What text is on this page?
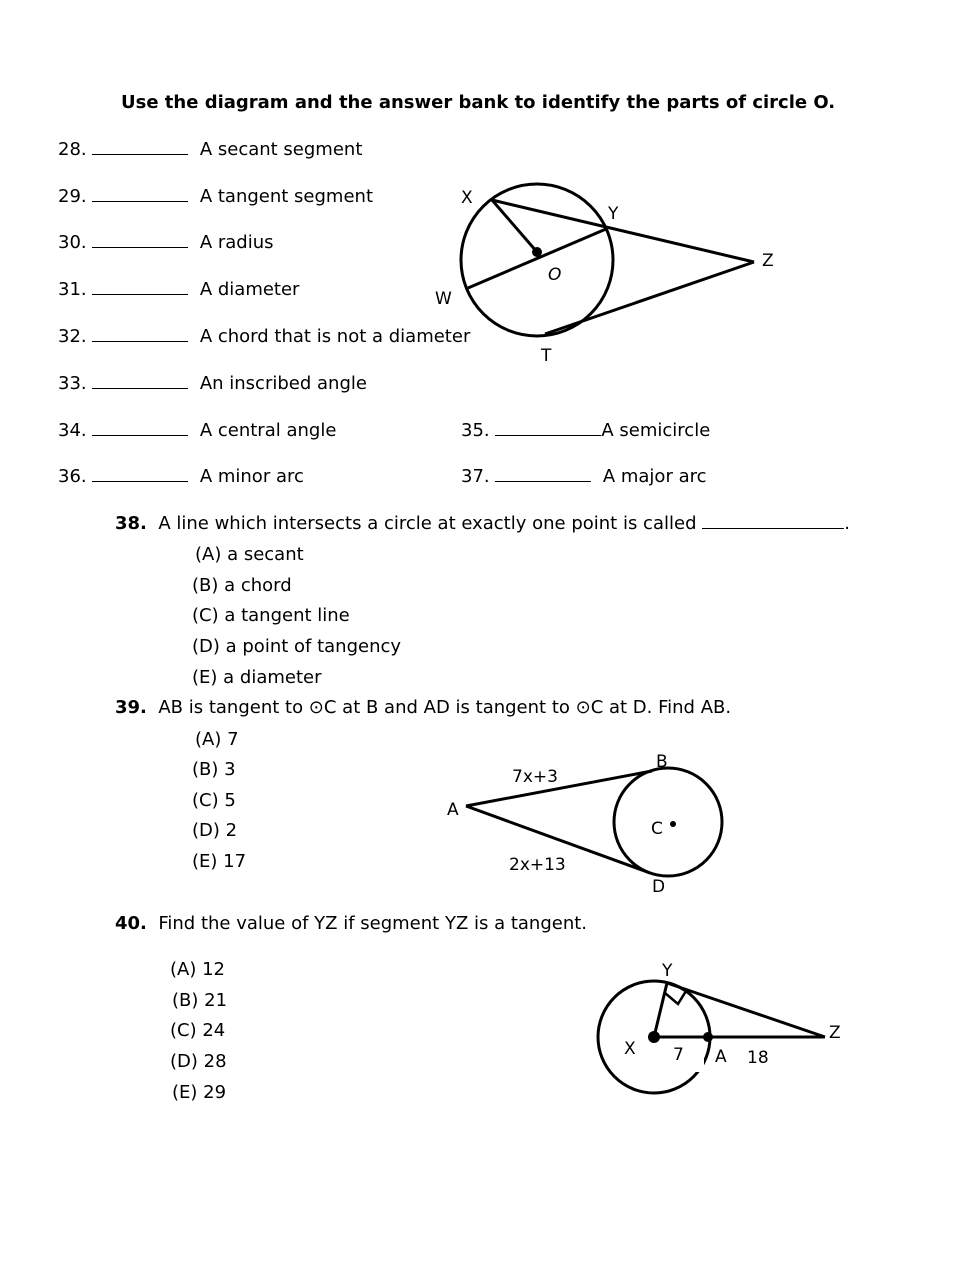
Use the diagram and the answer bank to identify the parts of circle O.
28.	A secant segment
29.	A tangent segment
30.	A radius
31.	A diameter
32.	A chord that is not a diameter
33.	An inscribed angle
34.	A central angle	35.	A semicircle
36.	A minor arc	37.	A major arc
X
Y
Z
O
W
T
38. A line which intersects a circle at exactly one point is called	.
(A) a secant
(B) a chord
(C) a tangent line
(D) a point of tangency
(E) a diameter
39. AB is tangent to ⊙C at B and AD is tangent to ⊙C at D. Find AB.
(A) 7
(B) 3
(C) 5
(D) 2
(E) 17
A
B
C
D
7x+3
2x+13
40. Find the value of YZ if segment YZ is a tangent.
(A) 12
(B) 21
(C) 24
(D) 28
(E) 29
Y
X
Z
A
7	18
